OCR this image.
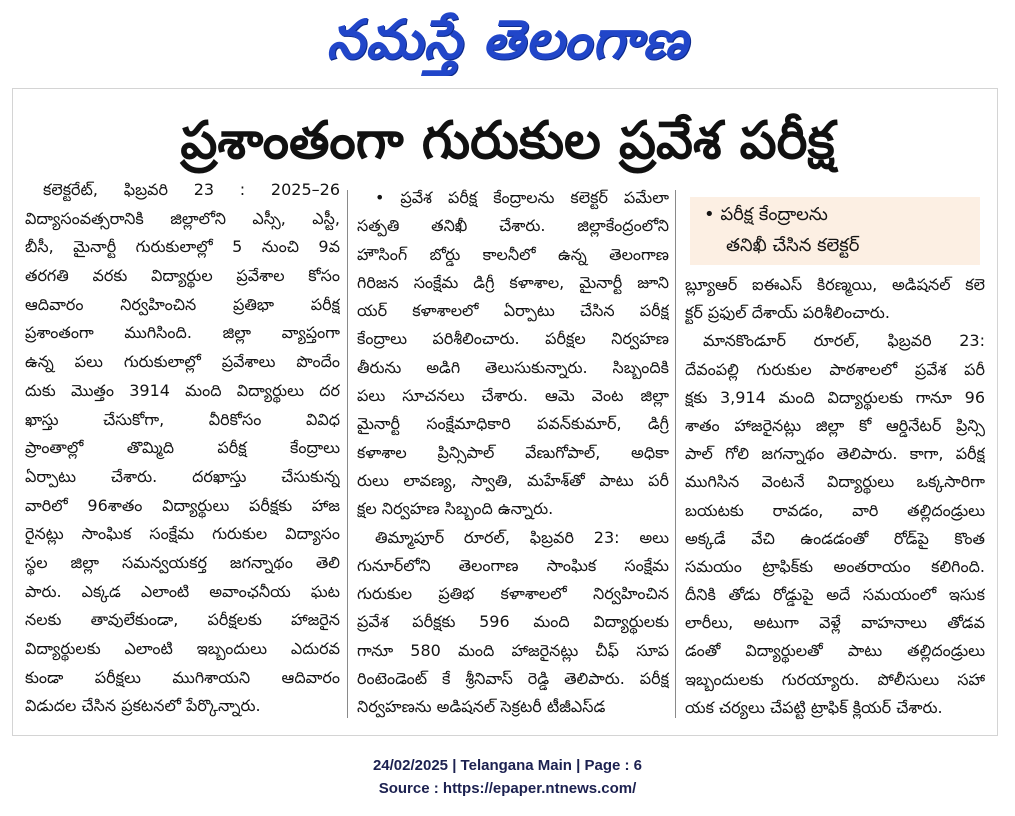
నమస్తే తెలంగాణ
ప్రశాంతంగా గురుకుల ప్రవేశ పరీక్ష
కలెక్టరేట్, ఫిబ్రవరి 23 : 2025–26
విద్యాసంవత్సరానికి జిల్లాలోని ఎస్సీ, ఎస్టీ,
బీసీ, మైనార్టీ గురుకులాల్లో 5 నుంచి 9వ
తరగతి వరకు విద్యార్థుల ప్రవేశాల కోసం
ఆదివారం నిర్వహించిన ప్రతిభా పరీక్ష
ప్రశాంతంగా ముగిసింది. జిల్లా వ్యాప్తంగా
ఉన్న పలు గురుకులాల్లో ప్రవేశాలు పొందేం
దుకు మొత్తం 3914 మంది విద్యార్థులు దర
ఖాస్తు చేసుకోగా, వీరికోసం వివిధ
ప్రాంతాల్లో తొమ్మిది పరీక్ష కేంద్రాలు
ఏర్పాటు చేశారు. దరఖాస్తు చేసుకున్న
వారిలో 96శాతం విద్యార్థులు పరీక్షకు హాజ
రైనట్లు సాంఘిక సంక్షేమ గురుకుల విద్యాసం
స్థల జిల్లా సమన్వయకర్త జగన్నాథం తెలి
పారు. ఎక్కడ ఎలాంటి అవాంఛనీయ ఘట
నలకు తావులేకుండా, పరీక్షలకు హాజరైన
విద్యార్థులకు ఎలాంటి ఇబ్బందులు ఎదురవ
కుండా పరీక్షలు ముగిశాయని ఆదివారం
విడుదల చేసిన ప్రకటనలో పేర్కొన్నారు.
• ప్రవేశ పరీక్ష కేంద్రాలను కలెక్టర్ పమేలా
సత్పతి తనిఖీ చేశారు. జిల్లాకేంద్రంలోని
హౌసింగ్ బోర్డు కాలనీలో ఉన్న తెలంగాణ
గిరిజన సంక్షేమ డిగ్రీ కళాశాల, మైనార్టీ జూని
యర్ కళాశాలలో ఏర్పాటు చేసిన పరీక్ష
కేంద్రాలు పరిశీలించారు. పరీక్షల నిర్వహణ
తీరును అడిగి తెలుసుకున్నారు. సిబ్బందికి
పలు సూచనలు చేశారు. ఆమె వెంట జిల్లా
మైనార్టీ సంక్షేమాధికారి పవన్‌కుమార్, డిగ్రీ
కళాశాల ప్రిన్సిపాల్ వేణుగోపాల్, అధికా
రులు లావణ్య, స్వాతి, మహేశ్‌తో పాటు పరీ
క్షల నిర్వహణ సిబ్బంది ఉన్నారు.
తిమ్మాపూర్ రూరల్, ఫిబ్రవరి 23: అలు
గునూర్‌లోని తెలంగాణ సాంఘిక సంక్షేమ
గురుకుల ప్రతిభ కళాశాలలో నిర్వహించిన
ప్రవేశ పరీక్షకు 596 మంది విద్యార్థులకు
గానూ 580 మంది హాజరైనట్లు చీఫ్ సూప
రింటెండెంట్ కే శ్రీనివాస్ రెడ్డి తెలిపారు. పరీక్ష
నిర్వహణను అడిషనల్ సెక్రటరీ టీజీఎస్‌డ
• పరీక్ష కేంద్రాలను
తనిఖీ చేసిన కలెక్టర్
బ్ల్యూఆర్ ఐఈఎస్ కిరణ్మయి, అడిషనల్ కలె
క్టర్ ప్రఫుల్ దేశాయ్ పరిశీలించారు.
మానకొండూర్ రూరల్, ఫిబ్రవరి 23:
దేవంపల్లి గురుకుల పాఠశాలలో ప్రవేశ పరీ
క్షకు 3,914 మంది విద్యార్థులకు గానూ 96
శాతం హాజరైనట్లు జిల్లా కో ఆర్డినేటర్ ప్రిన్సి
పాల్ గోలి జగన్నాథం తెలిపారు. కాగా, పరీక్ష
ముగిసిన వెంటనే విద్యార్థులు ఒక్కసారిగా
బయటకు రావడం, వారి తల్లిదండ్రులు
అక్కడే వేచి ఉండడంతో రోడ్‌పై కొంత
సమయం ట్రాఫిక్‌కు అంతరాయం కలిగింది.
దీనికి తోడు రోడ్డుపై అదే సమయంలో ఇసుక
లారీలు, అటుగా వెళ్లే వాహనాలు తోడవ
డంతో విద్యార్థులతో పాటు తల్లిదండ్రులు
ఇబ్బందులకు గురయ్యారు. పోలీసులు సహా
యక చర్యలు చేపట్టి ట్రాఫిక్ క్లియర్ చేశారు.
24/02/2025 | Telangana Main | Page : 6
Source : https://epaper.ntnews.com/
